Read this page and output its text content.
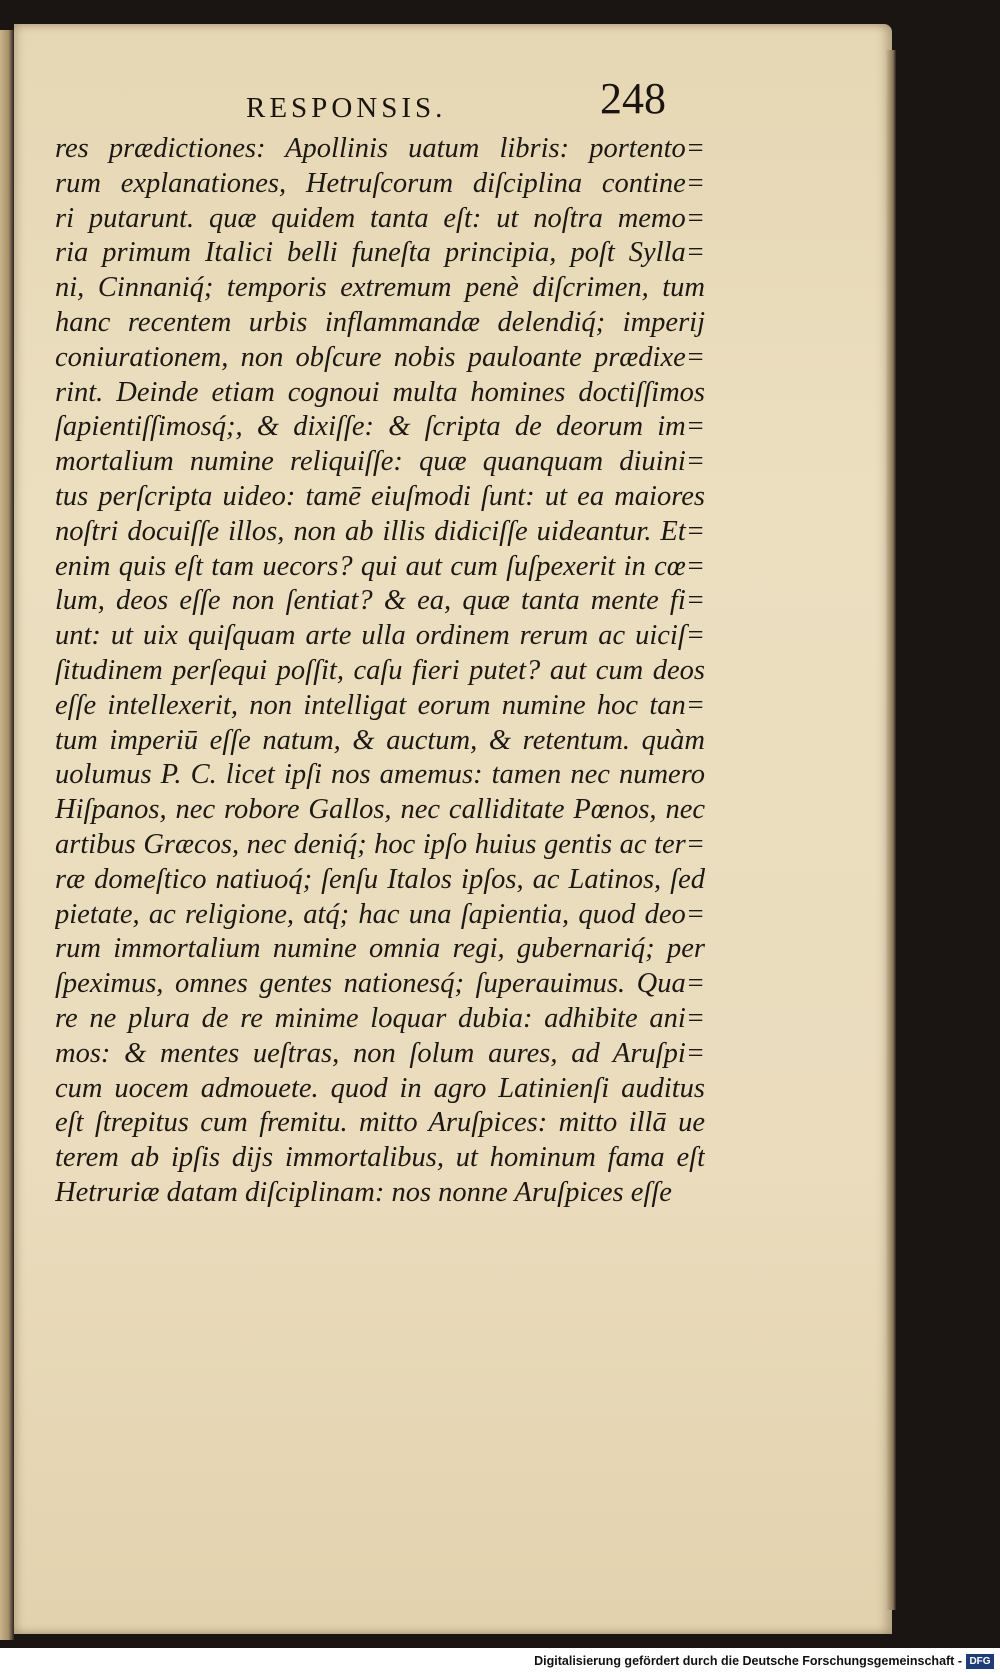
RESPONSIS.	248
res prædictiones: Apollinis uatum libris: portento=
rum explanationes, Hetruſcorum diſciplina contine=
ri putarunt. quæ quidem tanta eſt: ut noſtra memo=
ria primum Italici belli funeſta principia, poſt Sylla=
ni, Cinnaniq́; temporis extremum penè diſcrimen, tum
hanc recentem urbis inflammandæ delendiq́; imperij
coniurationem, non obſcure nobis pauloante prædixe=
rint. Deinde etiam cognoui multa homines doctiſſimos
ſapientiſſimosq́;, & dixiſſe: & ſcripta de deorum im=
mortalium numine reliquiſſe: quæ quanquam diuini=
tus perſcripta uideo: tamē eiuſmodi ſunt: ut ea maiores
noſtri docuiſſe illos, non ab illis didiciſſe uideantur. Et=
enim quis eſt tam uecors? qui aut cum ſuſpexerit in cœ=
lum, deos eſſe non ſentiat? & ea, quæ tanta mente fi=
unt: ut uix quiſquam arte ulla ordinem rerum ac uiciſ=
ſitudinem perſequi poſſit, caſu fieri putet? aut cum deos
eſſe intellexerit, non intelligat eorum numine hoc tan=
tum imperiū eſſe natum, & auctum, & retentum. quàm
uolumus P. C. licet ipſi nos amemus: tamen nec numero
Hiſpanos, nec robore Gallos, nec calliditate Pœnos, nec
artibus Græcos, nec deniq́; hoc ipſo huius gentis ac ter=
ræ domeſtico natiuoq́; ſenſu Italos ipſos, ac Latinos, ſed
pietate, ac religione, atq́; hac una ſapientia, quod deo=
rum immortalium numine omnia regi, gubernariq́; per
ſpeximus, omnes gentes nationesq́; ſuperauimus. Qua=
re ne plura de re minime loquar dubia: adhibite ani=
mos: & mentes ueſtras, non ſolum aures, ad Aruſpi=
cum uocem admouete. quod in agro Latinienſi auditus
eſt ſtrepitus cum fremitu. mitto Aruſpices: mitto illā ue
terem ab ipſis dijs immortalibus, ut hominum fama eſt
Hetruriæ datam diſciplinam: nos nonne Aruſpices eſſe
Digitalisierung gefördert durch die Deutsche Forschungsgemeinschaft - DFG
